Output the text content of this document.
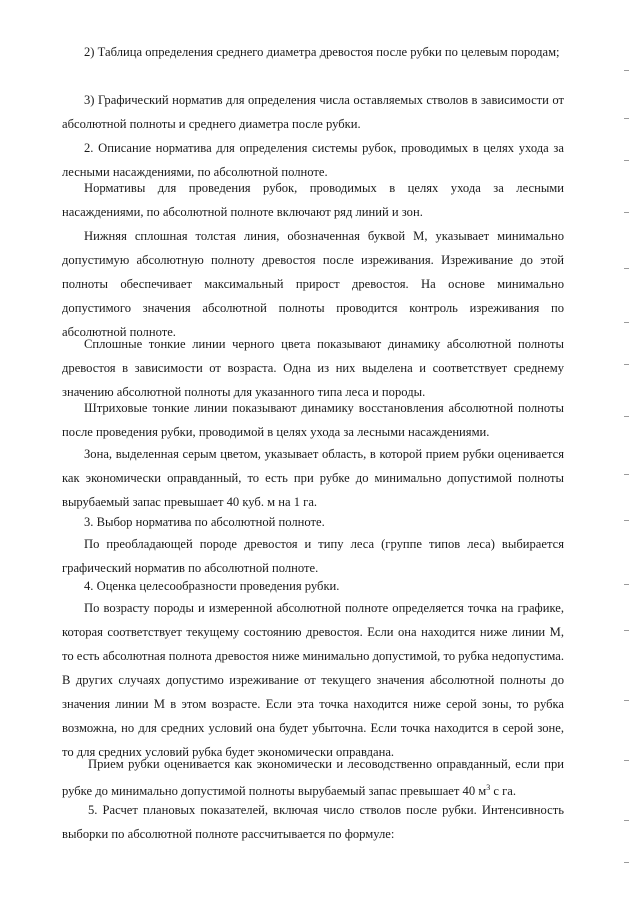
2) Таблица определения среднего диаметра древостоя после рубки по целевым породам;

3) Графический норматив для определения числа оставляемых стволов в зависимости от абсолютной полноты и среднего диаметра после рубки.

2. Описание норматива для определения системы рубок, проводимых в целях ухода за лесными насаждениями, по абсолютной полноте.

Нормативы для проведения рубок, проводимых в целях ухода за лесными насаждениями, по абсолютной полноте включают ряд линий и зон.

Нижняя сплошная толстая линия, обозначенная буквой М, указывает минимально допустимую абсолютную полноту древостоя после изреживания. Изреживание до этой полноты обеспечивает максимальный прирост древостоя. На основе минимально допустимого значения абсолютной полноты проводится контроль изреживания по абсолютной полноте.

Сплошные тонкие линии черного цвета показывают динамику абсолютной полноты древостоя в зависимости от возраста. Одна из них выделена и соответствует среднему значению абсолютной полноты для указанного типа леса и породы.

Штриховые тонкие линии показывают динамику восстановления абсолютной полноты после проведения рубки, проводимой в целях ухода за лесными насаждениями.

Зона, выделенная серым цветом, указывает область, в которой прием рубки оценивается как экономически оправданный, то есть при рубке до минимально допустимой полноты вырубаемый запас превышает 40 куб. м на 1 га.

3. Выбор норматива по абсолютной полноте.

По преобладающей породе древостоя и типу леса (группе типов леса) выбирается графический норматив по абсолютной полноте.

4. Оценка целесообразности проведения рубки.

По возрасту породы и измеренной абсолютной полноте определяется точка на графике, которая соответствует текущему состоянию древостоя. Если она находится ниже линии М, то есть абсолютная полнота древостоя ниже минимально допустимой, то рубка недопустима. В других случаях допустимо изреживание от текущего значения абсолютной полноты до значения линии М в этом возрасте. Если эта точка находится ниже серой зоны, то рубка возможна, но для средних условий она будет убыточна. Если точка находится в серой зоне, то для средних условий рубка будет экономически оправдана.

Прием рубки оценивается как экономически и лесоводственно оправданный, если при рубке до минимально допустимой полноты вырубаемый запас превышает 40 $м^3$ с га.

5. Расчет плановых показателей, включая число стволов после рубки. Интенсивность выборки по абсолютной полноте рассчитывается по формуле:
